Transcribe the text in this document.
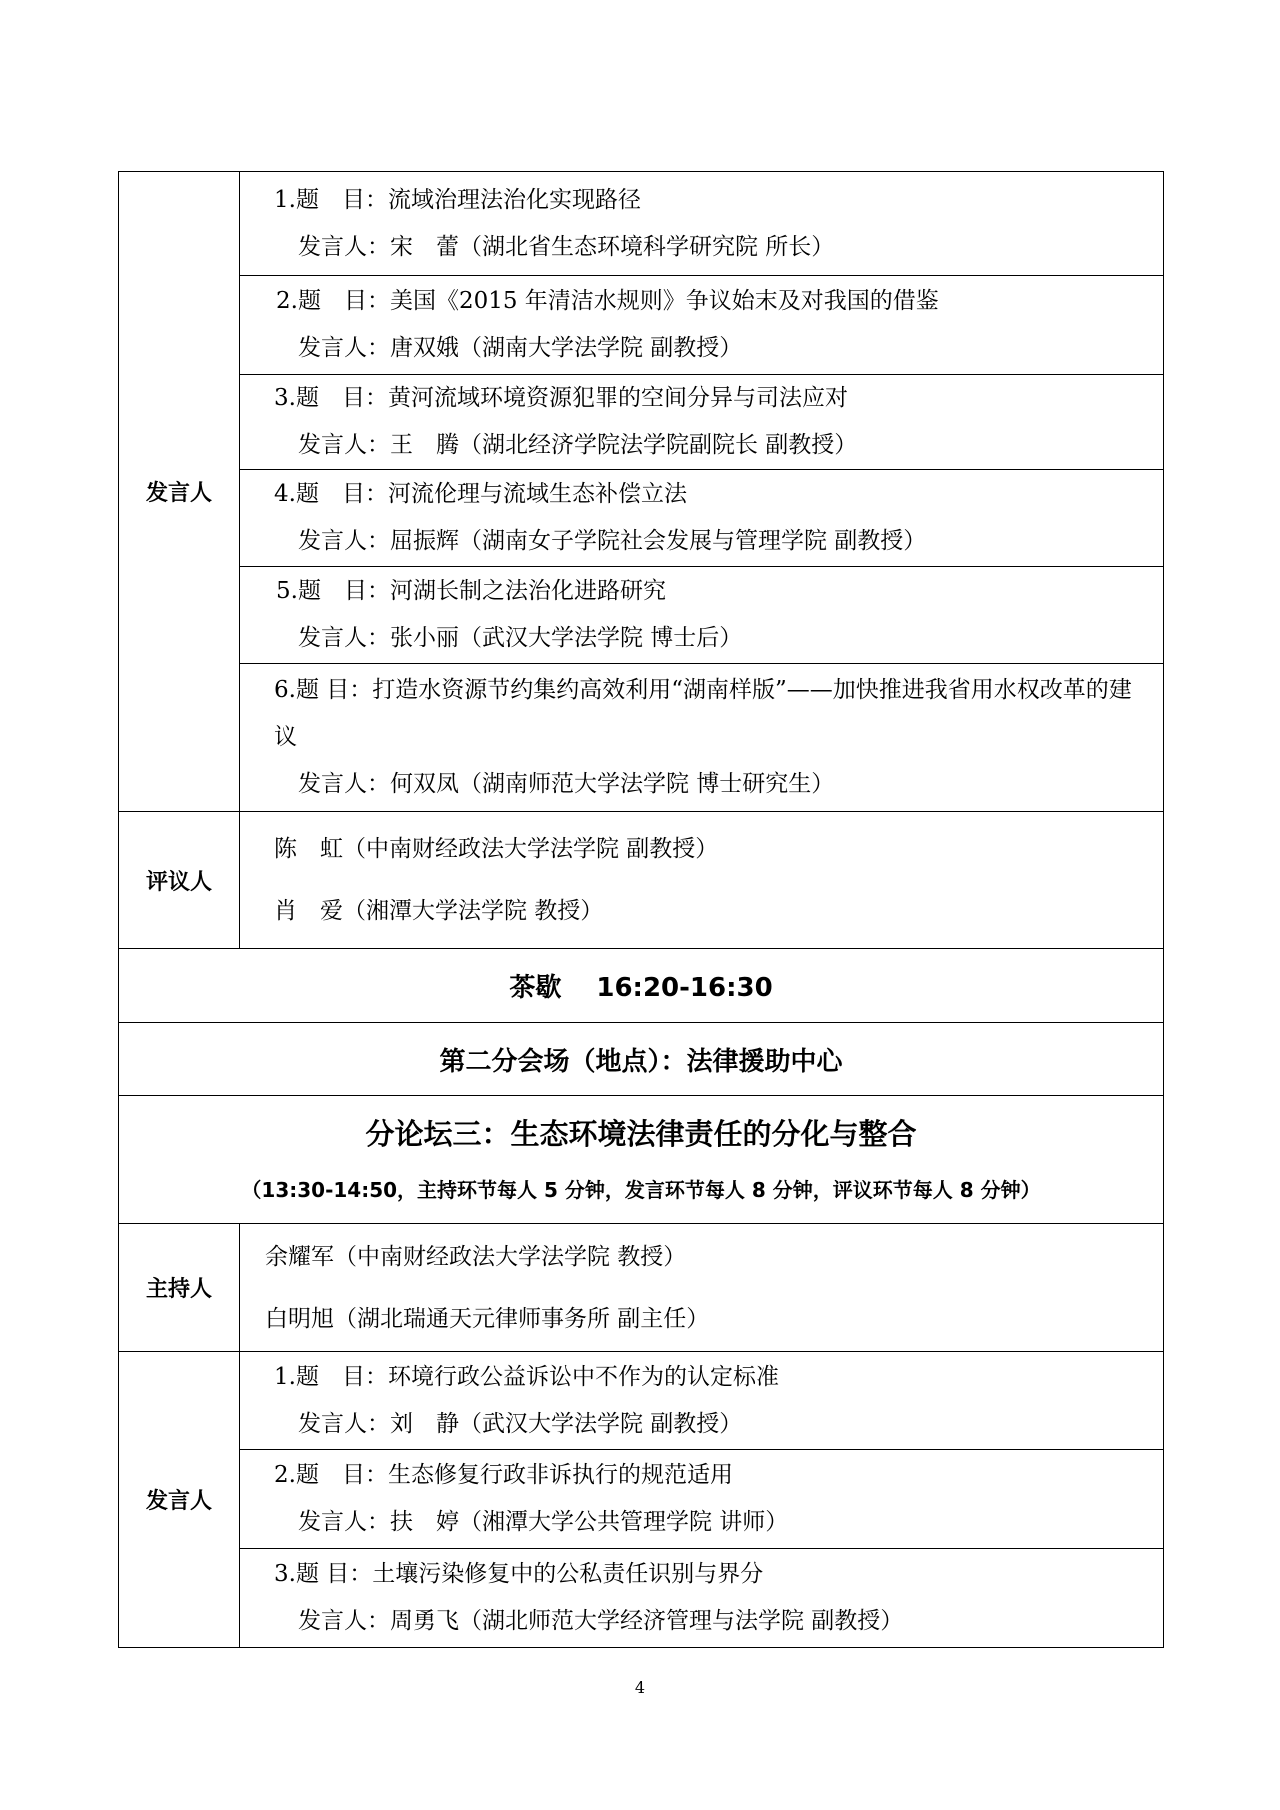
发言人	1.题　目：流域治理法治化实现路径
发言人：宋　蕾（湖北省生态环境科学研究院 所长）

	2.题　目：美国《2015 年清洁水规则》争议始末及对我国的借鉴
发言人：唐双娥（湖南大学法学院 副教授）

	3.题　目：黄河流域环境资源犯罪的空间分异与司法应对
发言人：王　腾（湖北经济学院法学院副院长 副教授）

	4.题　目：河流伦理与流域生态补偿立法
发言人：屈振辉（湖南女子学院社会发展与管理学院 副教授）

	5.题　目：河湖长制之法治化进路研究
发言人：张小丽（武汉大学法学院 博士后）

	6.题 目：打造水资源节约集约高效利用“湖南样版”——加快推进我省用水权改革的建议
发言人：何双凤（湖南师范大学法学院 博士研究生）

评议人	陈　虹（中南财经政法大学法学院 副教授）
肖　爱（湘潭大学法学院 教授）

茶歇　 16:20-16:30	
第二分会场（地点）：法律援助中心	

分论坛三：生态环境法律责任的分化与整合
（13:30-14:50，主持环节每人 5 分钟，发言环节每人 8 分钟，评议环节每人 8 分钟）	

主持人	余耀军（中南财经政法大学法学院 教授）
白明旭（湖北瑞通天元律师事务所 副主任）

发言人	1.题　目：环境行政公益诉讼中不作为的认定标准
发言人：刘　静（武汉大学法学院 副教授）

	2.题　目：生态修复行政非诉执行的规范适用
发言人：扶　婷（湘潭大学公共管理学院 讲师）

	3.题 目：土壤污染修复中的公私责任识别与界分
发言人：周勇飞（湖北师范大学经济管理与法学院 副教授）
4
